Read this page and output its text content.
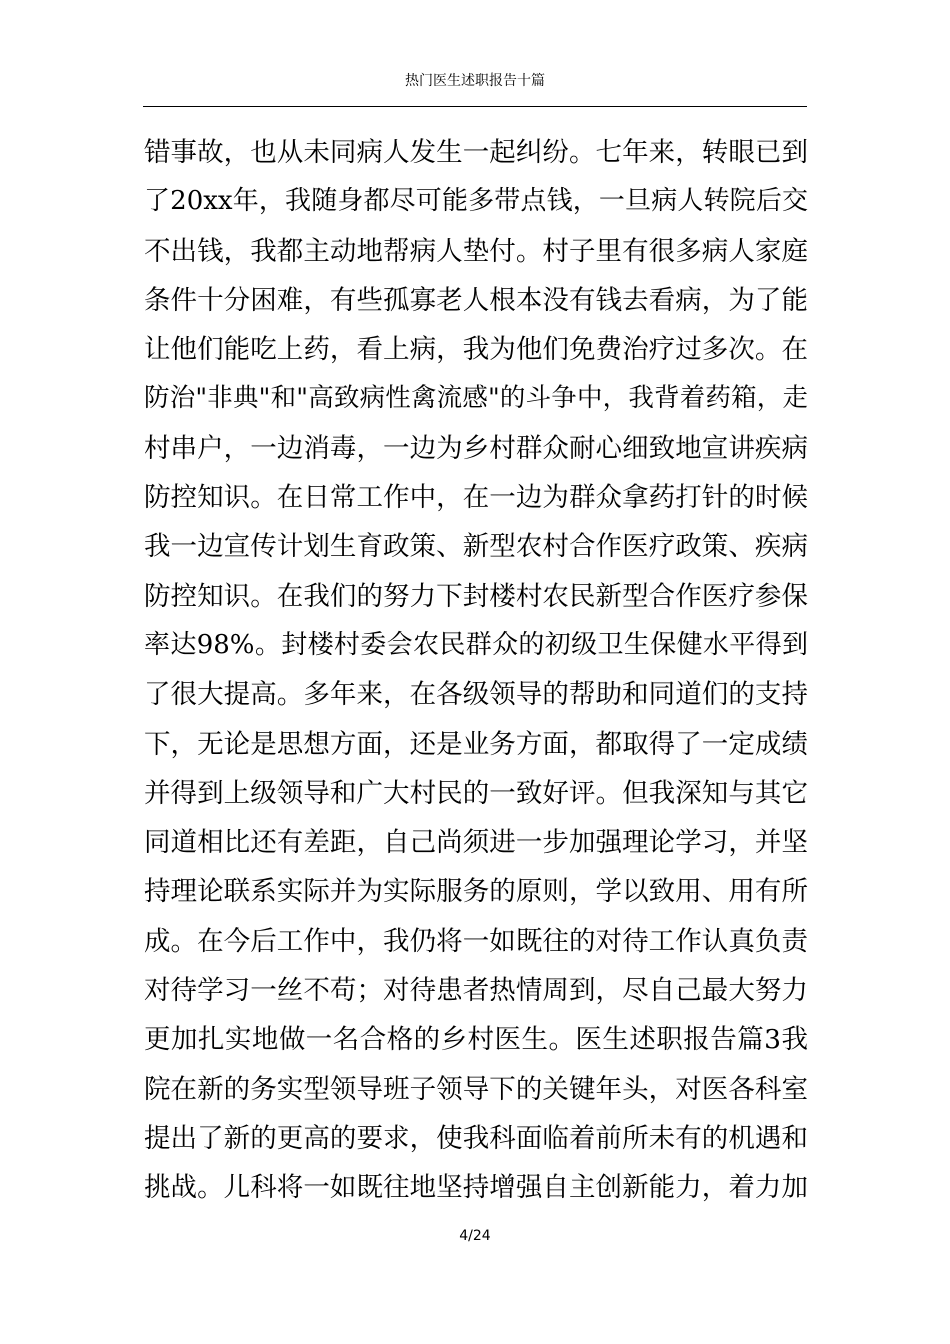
热门医生述职报告十篇
错事故，也从未同病人发生一起纠纷。七年来，转眼已到
了20xx年，我随身都尽可能多带点钱，一旦病人转院后交
不出钱，我都主动地帮病人垫付。村子里有很多病人家庭
条件十分困难，有些孤寡老人根本没有钱去看病，为了能
让他们能吃上药，看上病，我为他们免费治疗过多次。在
防治"非典"和"高致病性禽流感"的斗争中，我背着药箱，走
村串户，一边消毒，一边为乡村群众耐心细致地宣讲疾病
防控知识。在日常工作中，在一边为群众拿药打针的时候
我一边宣传计划生育政策、新型农村合作医疗政策、疾病
防控知识。在我们的努力下封楼村农民新型合作医疗参保
率达98%。封楼村委会农民群众的初级卫生保健水平得到
了很大提高。多年来，在各级领导的帮助和同道们的支持
下，无论是思想方面，还是业务方面，都取得了一定成绩
并得到上级领导和广大村民的一致好评。但我深知与其它
同道相比还有差距，自己尚须进一步加强理论学习，并坚
持理论联系实际并为实际服务的原则，学以致用、用有所
成。在今后工作中，我仍将一如既往的对待工作认真负责
对待学习一丝不苟；对待患者热情周到，尽自己最大努力
更加扎实地做一名合格的乡村医生。医生述职报告篇3我
院在新的务实型领导班子领导下的关键年头，对医各科室
提出了新的更高的要求，使我科面临着前所未有的机遇和
挑战。儿科将一如既往地坚持增强自主创新能力，着力加
4/24
